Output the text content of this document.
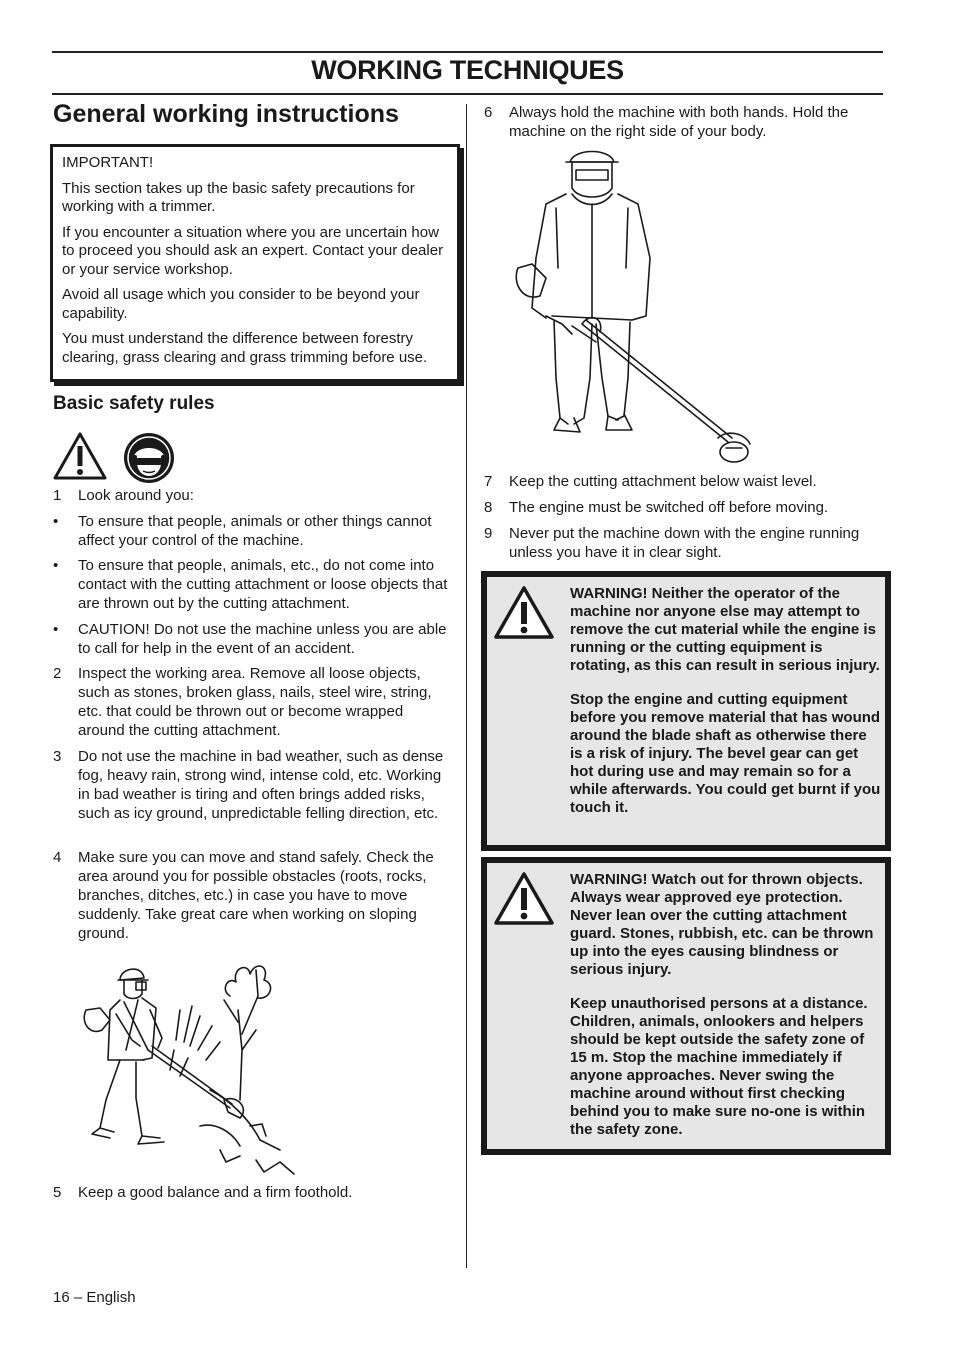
WORKING TECHNIQUES
General working instructions

IMPORTANT!

This section takes up the basic safety precautions for working with a trimmer.

If you encounter a situation where you are uncertain how to proceed you should ask an expert. Contact your dealer or your service workshop.

Avoid all usage which you consider to be beyond your capability.

You must understand the difference between forestry clearing, grass clearing and grass trimming before use.

Basic safety rules
1 Look around you:
• To ensure that people, animals or other things cannot affect your control of the machine.
• To ensure that people, animals, etc., do not come into contact with the cutting attachment or loose objects that are thrown out by the cutting attachment.
• CAUTION! Do not use the machine unless you are able to call for help in the event of an accident.
2 Inspect the working area. Remove all loose objects, such as stones, broken glass, nails, steel wire, string, etc. that could be thrown out or become wrapped around the cutting attachment.
3 Do not use the machine in bad weather, such as dense fog, heavy rain, strong wind, intense cold, etc. Working in bad weather is tiring and often brings added risks, such as icy ground, unpredictable felling direction, etc.
4 Make sure you can move and stand safely. Check the area around you for possible obstacles (roots, rocks, branches, ditches, etc.) in case you have to move suddenly. Take great care when working on sloping ground.
5 Keep a good balance and a firm foothold.
6 Always hold the machine with both hands. Hold the machine on the right side of your body.
7 Keep the cutting attachment below waist level.
8 The engine must be switched off before moving.
9 Never put the machine down with the engine running unless you have it in clear sight.

WARNING! Neither the operator of the machine nor anyone else may attempt to remove the cut material while the engine is running or the cutting equipment is rotating, as this can result in serious injury.

Stop the engine and cutting equipment before you remove material that has wound around the blade shaft as otherwise there is a risk of injury. The bevel gear can get hot during use and may remain so for a while afterwards. You could get burnt if you touch it.

WARNING! Watch out for thrown objects. Always wear approved eye protection. Never lean over the cutting attachment guard. Stones, rubbish, etc. can be thrown up into the eyes causing blindness or serious injury.

Keep unauthorised persons at a distance. Children, animals, onlookers and helpers should be kept outside the safety zone of 15 m. Stop the machine immediately if anyone approaches. Never swing the machine around without first checking behind you to make sure no-one is within the safety zone.

16 – English
